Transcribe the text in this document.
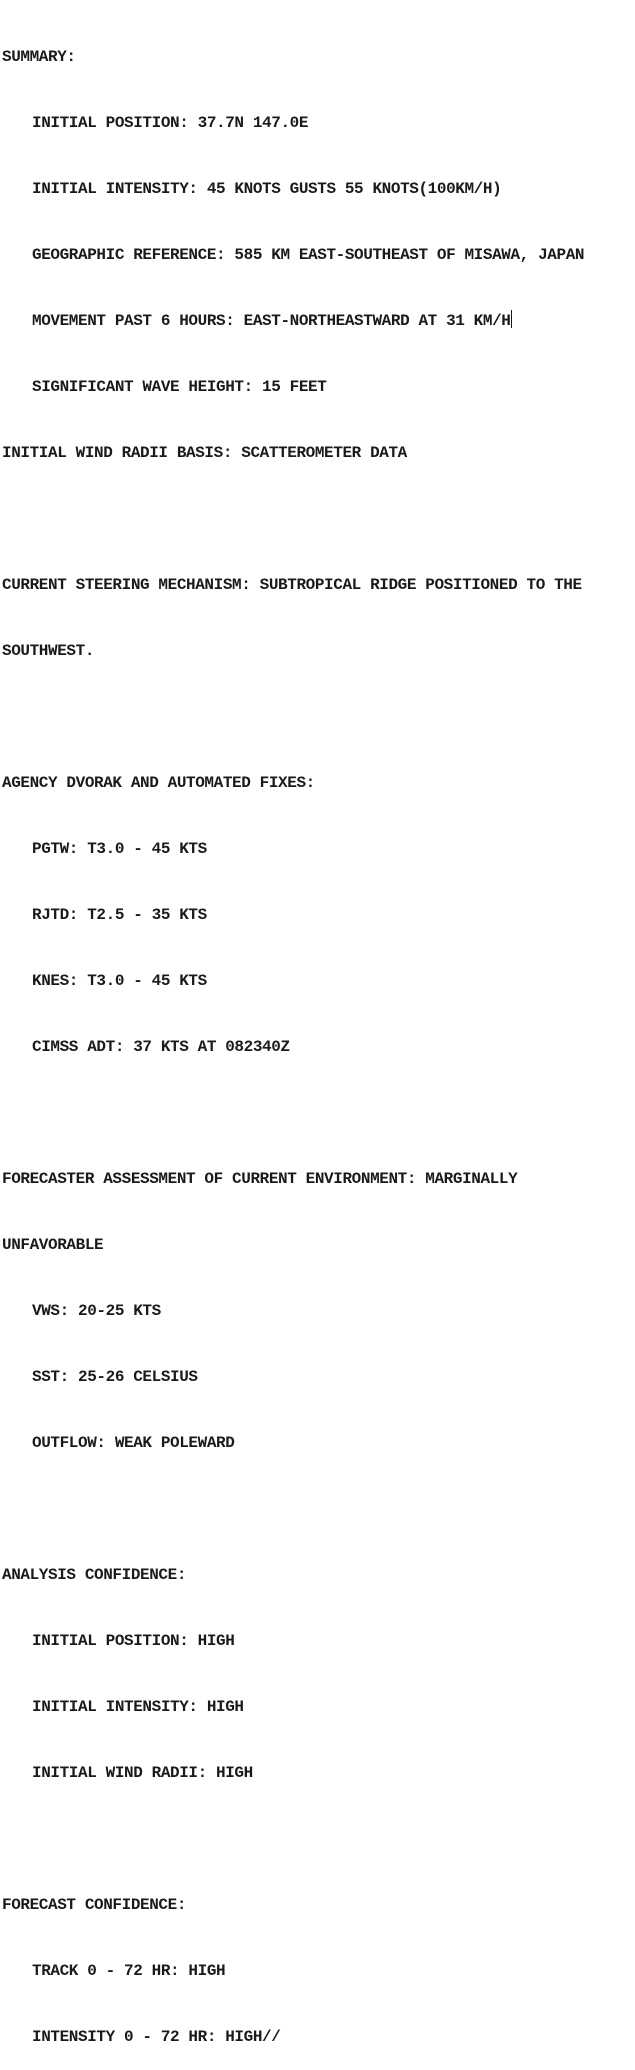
SUMMARY:

INITIAL POSITION: 37.7N 147.0E

INITIAL INTENSITY: 45 KNOTS GUSTS 55 KNOTS(100KM/H)

GEOGRAPHIC REFERENCE: 585 KM EAST-SOUTHEAST OF MISAWA, JAPAN

MOVEMENT PAST 6 HOURS: EAST-NORTHEASTWARD AT 31 KM/H

SIGNIFICANT WAVE HEIGHT: 15 FEET

INITIAL WIND RADII BASIS: SCATTEROMETER DATA

CURRENT STEERING MECHANISM: SUBTROPICAL RIDGE POSITIONED TO THE

SOUTHWEST.

AGENCY DVORAK AND AUTOMATED FIXES:

PGTW: T3.0 - 45 KTS

RJTD: T2.5 - 35 KTS

KNES: T3.0 - 45 KTS

CIMSS ADT: 37 KTS AT 082340Z

FORECASTER ASSESSMENT OF CURRENT ENVIRONMENT: MARGINALLY

UNFAVORABLE

VWS: 20-25 KTS

SST: 25-26 CELSIUS

OUTFLOW: WEAK POLEWARD

ANALYSIS CONFIDENCE:

INITIAL POSITION: HIGH

INITIAL INTENSITY: HIGH

INITIAL WIND RADII: HIGH

FORECAST CONFIDENCE:

TRACK 0 - 72 HR: HIGH

INTENSITY 0 - 72 HR: HIGH//
